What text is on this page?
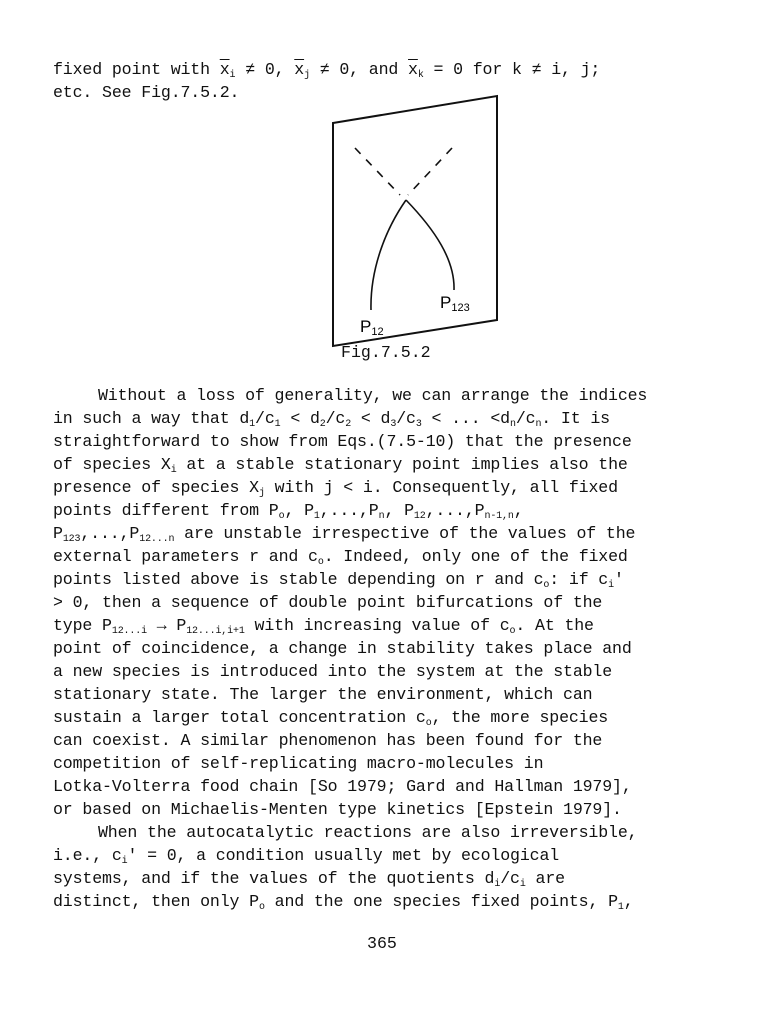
fixed point with $\overline{x}_i \ne 0$, $\overline{x}_j \ne 0$, and $\overline{x}_k = 0$ for k ≠ i, j;
etc. See Fig.7.5.2.
P12
P123
Fig.7.5.2
Without a loss of generality, we can arrange the indices
in such a way that $d_1/c_1 < d_2/c_2 < d_3/c_3$ < ... $<d_n/c_n$. It is
straightforward to show from Eqs.(7.5-10) that the presence
of species $X_i$ at a stable stationary point implies also the
presence of species $X_j$ with j < i. Consequently, all fixed
points different from $P_o$, $P_1,...,P_n$, $P_{12},...,P_{n-1,n}$,
$P_{123},...,P_{12...n}$ are unstable irrespective of the values of the
external parameters r and $c_o$. Indeed, only one of the fixed
points listed above is stable depending on r and $c_o$: if $c_i'$
> 0, then a sequence of double point bifurcations of the
type $P_{12...i} \to P_{12...i,i+1}$ with increasing value of $c_o$. At the
point of coincidence, a change in stability takes place and
a new species is introduced into the system at the stable
stationary state. The larger the environment, which can
sustain a larger total concentration $c_o$, the more species
can coexist. A similar phenomenon has been found for the
competition of self-replicating macro-molecules in
Lotka-Volterra food chain [So 1979; Gard and Hallman 1979],
or based on Michaelis-Menten type kinetics [Epstein 1979].
When the autocatalytic reactions are also irreversible,
i.e., $c_i' = 0$, a condition usually met by ecological
systems, and if the values of the quotients $d_i/c_i$ are
distinct, then only $P_o$ and the one species fixed points, $P_1$,
365
